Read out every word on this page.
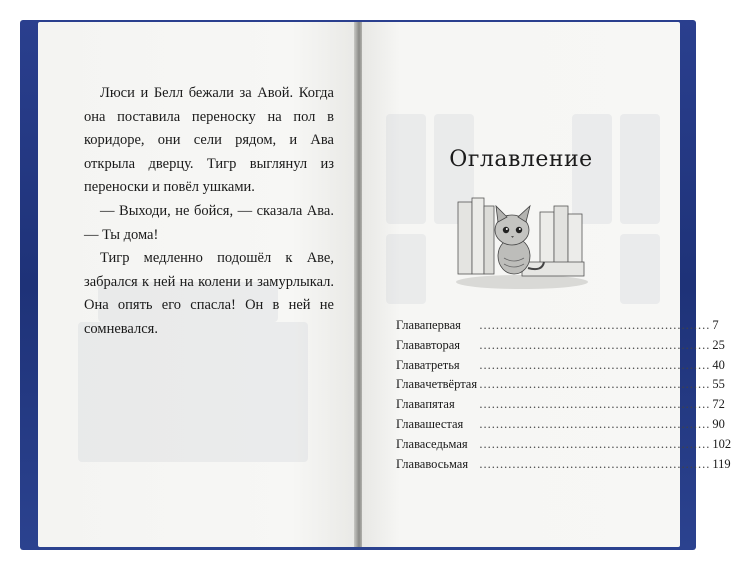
Люси и Белл бежали за Авой. Когда она поставила переноску на пол в коридоре, они сели рядом, и Ава открыла дверцу. Тигр выглянул из переноски и повёл ушками.

— Выходи, не бойся, — сказала Ава. — Ты дома!

Тигр медленно подошёл к Аве, забрался к ней на колени и замурлыкал. Она опять его спасла! Он в ней не сомневался.

Оглавление
Глава первая	........................................................ 7
Глава вторая	........................................................ 25
Глава третья	........................................................ 40
Глава четвёртая ........................................................ 55
Глава пятая	........................................................ 72
Глава шестая	........................................................ 90
Глава седьмая ........................................................ 102
Глава восьмая ........................................................ 119
